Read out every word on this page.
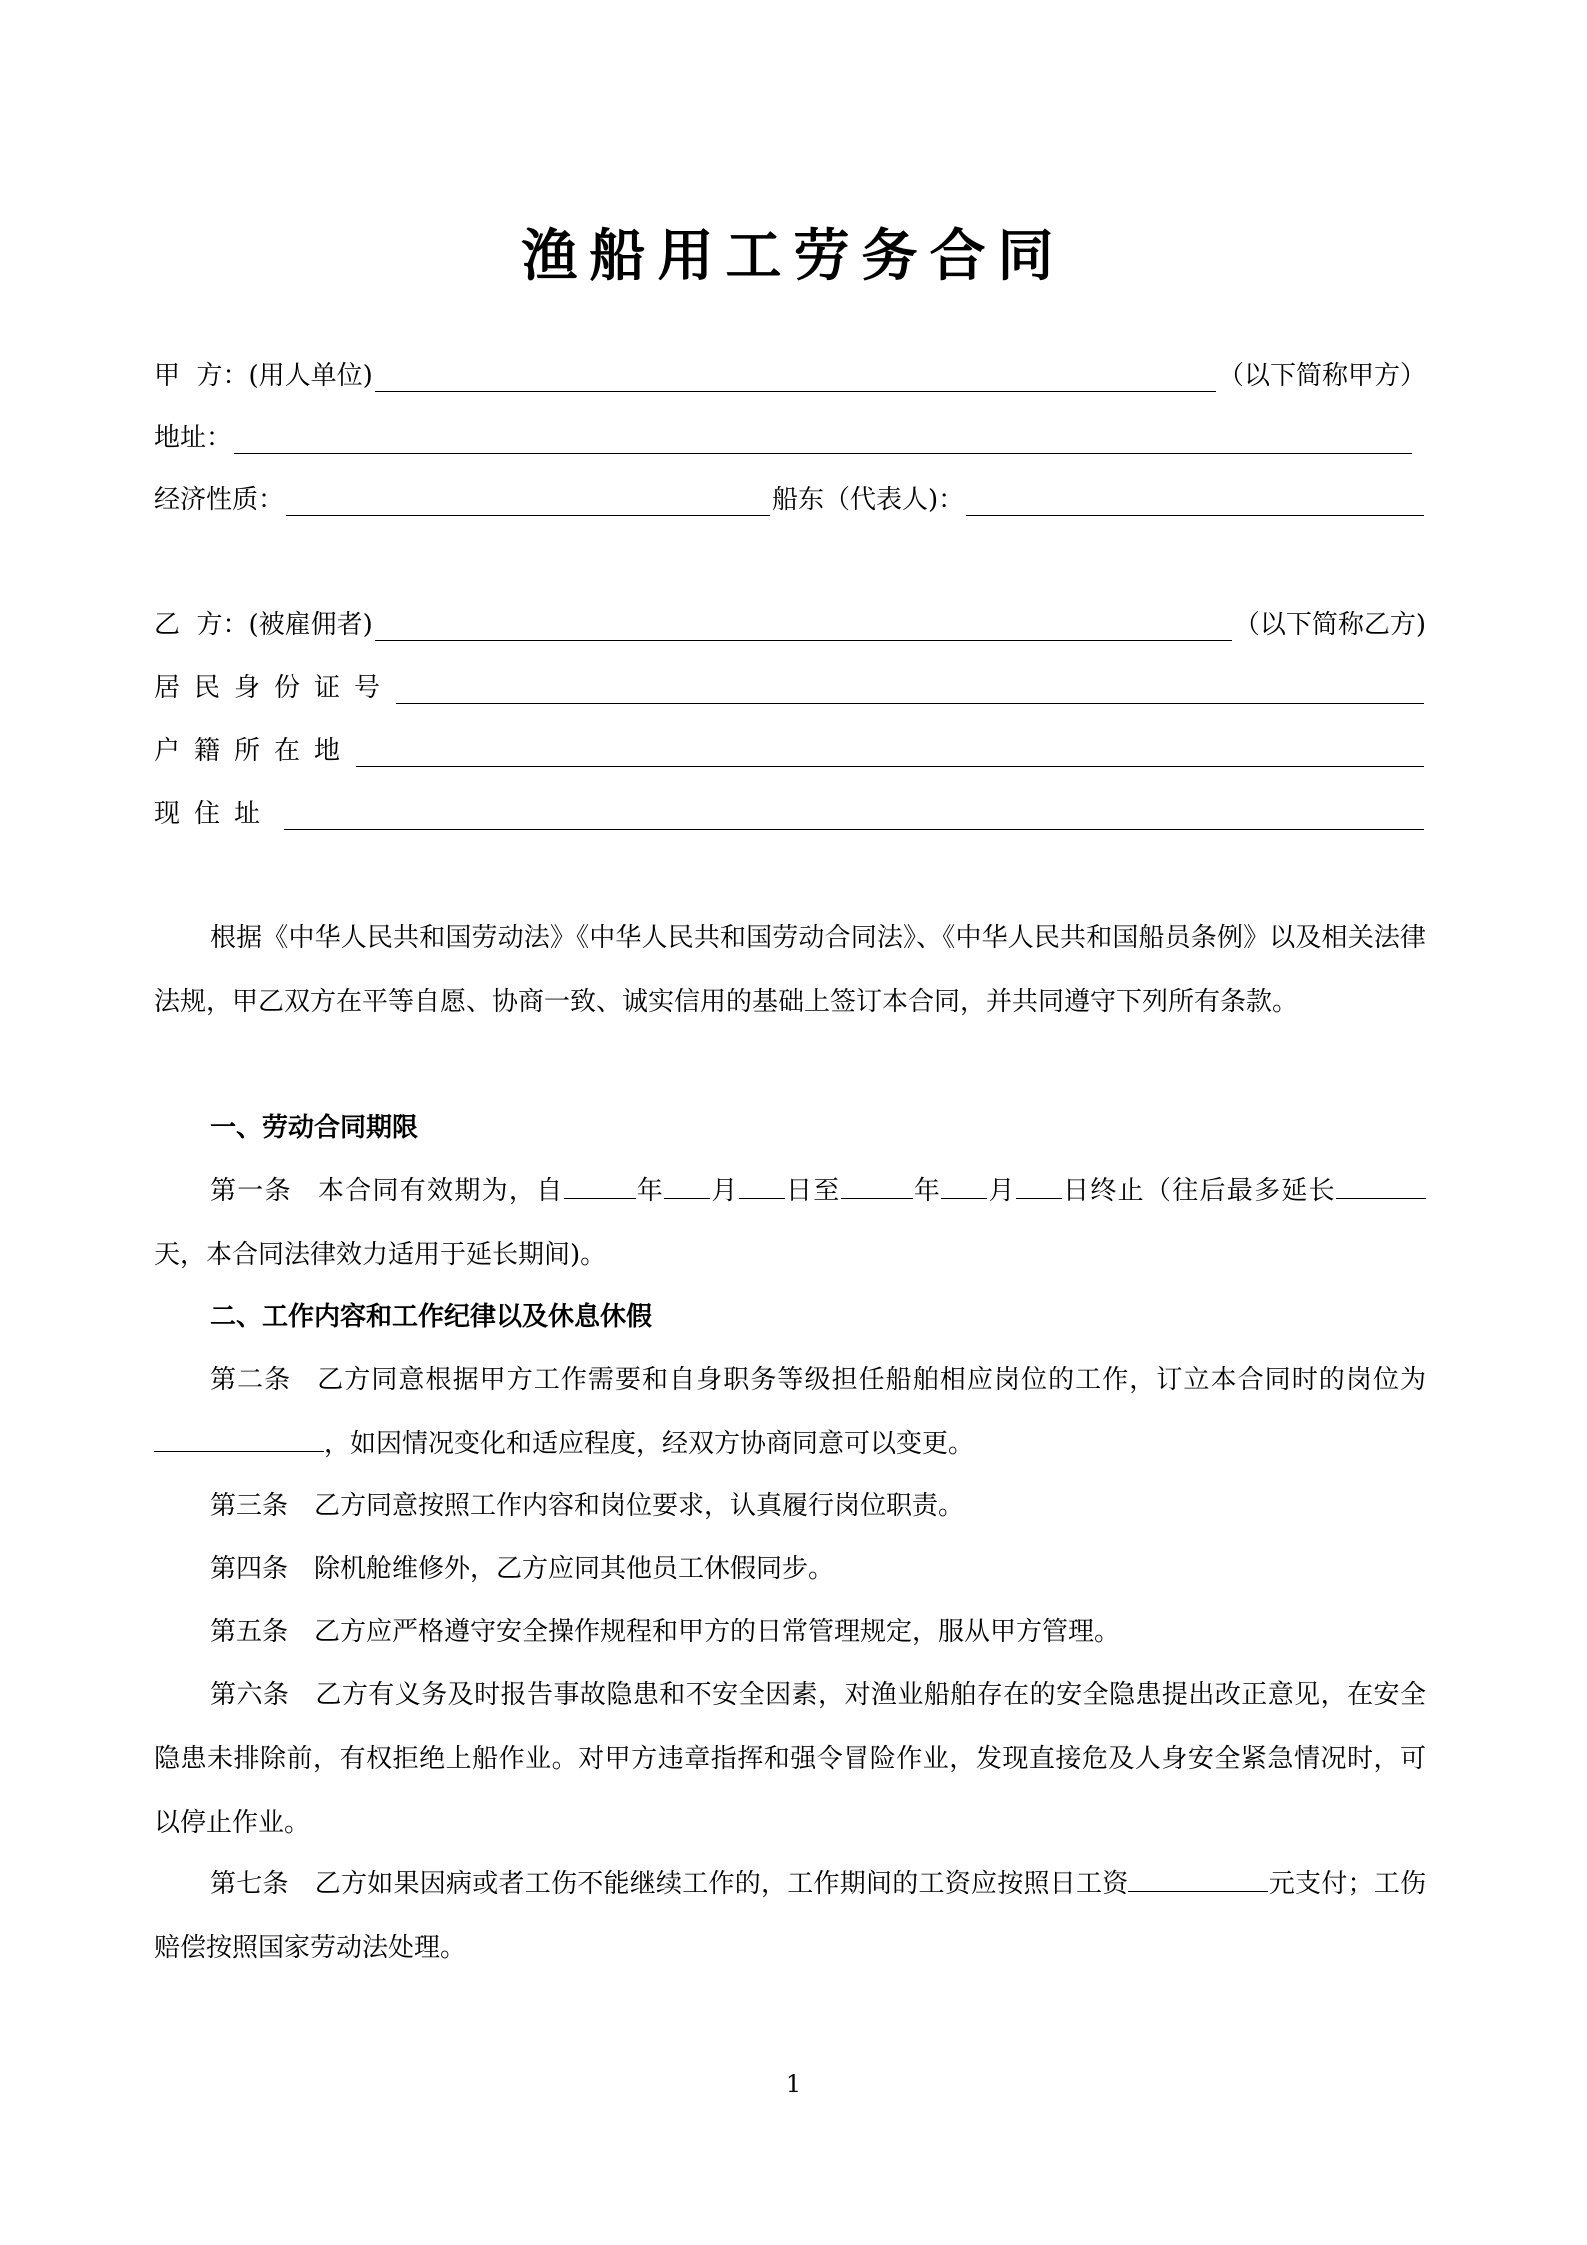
渔船用工劳务合同
甲  方：(用人单位)	（以下简称甲方）
地址：
经济性质：	船东（代表人)：
乙  方：(被雇佣者)	（以下简称乙方)
居民身份证号
户籍所在地
现住址
根据《中华人民共和国劳动法》《中华人民共和国劳动合同法》、《中华人民共和国船员条例》以及相关法律法规，甲乙双方在平等自愿、协商一致、诚实信用的基础上签订本合同，并共同遵守下列所有条款。
一、劳动合同期限
第一条 本合同有效期为，自	年 月 日至	年 月 日终止（往后最多延长天，本合同法律效力适用于延长期间)。
二、工作内容和工作纪律以及休息休假
第二条 乙方同意根据甲方工作需要和自身职务等级担任船舶相应岗位的工作，订立本合同时的岗位为，如因情况变化和适应程度，经双方协商同意可以变更。
第三条 乙方同意按照工作内容和岗位要求，认真履行岗位职责。
第四条 除机舱维修外，乙方应同其他员工休假同步。
第五条 乙方应严格遵守安全操作规程和甲方的日常管理规定，服从甲方管理。
第六条 乙方有义务及时报告事故隐患和不安全因素，对渔业船舶存在的安全隐患提出改正意见，在安全隐患未排除前，有权拒绝上船作业。对甲方违章指挥和强令冒险作业，发现直接危及人身安全紧急情况时，可以停止作业。
第七条 乙方如果因病或者工伤不能继续工作的，工作期间的工资应按照日工资	元支付；工伤赔偿按照国家劳动法处理。
1
